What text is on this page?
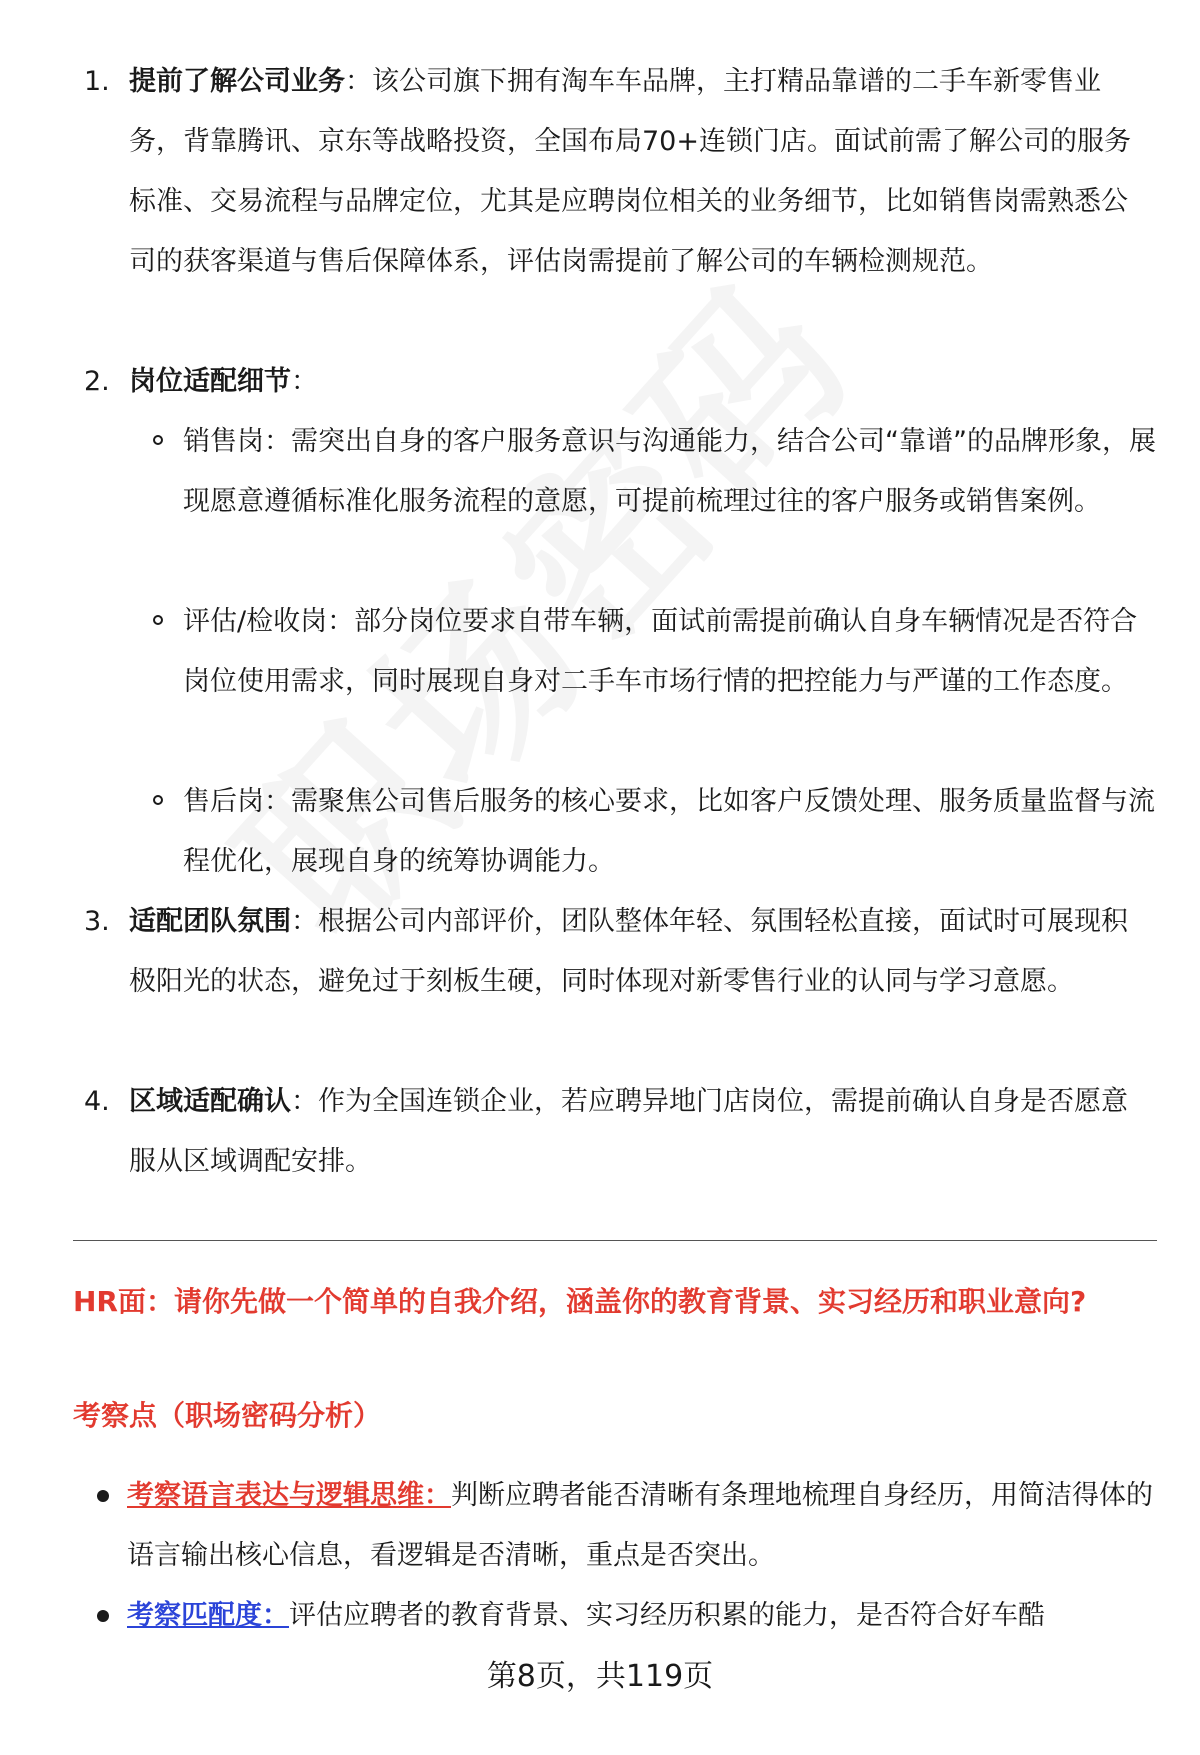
1. 提前了解公司业务：该公司旗下拥有淘车车品牌，主打精品靠谱的二手车新零售业务，背靠腾讯、京东等战略投资，全国布局70+连锁门店。面试前需了解公司的服务标准、交易流程与品牌定位，尤其是应聘岗位相关的业务细节，比如销售岗需熟悉公司的获客渠道与售后保障体系，评估岗需提前了解公司的车辆检测规范。
2. 岗位适配细节：
销售岗：需突出自身的客户服务意识与沟通能力，结合公司“靠谱”的品牌形象，展现愿意遵循标准化服务流程的意愿，可提前梳理过往的客户服务或销售案例。
评估/检收岗：部分岗位要求自带车辆，面试前需提前确认自身车辆情况是否符合岗位使用需求，同时展现自身对二手车市场行情的把控能力与严谨的工作态度。
售后岗：需聚焦公司售后服务的核心要求，比如客户反馈处理、服务质量监督与流程优化，展现自身的统筹协调能力。
3. 适配团队氛围：根据公司内部评价，团队整体年轻、氛围轻松直接，面试时可展现积极阳光的状态，避免过于刻板生硬，同时体现对新零售行业的认同与学习意愿。
4. 区域适配确认：作为全国连锁企业，若应聘异地门店岗位，需提前确认自身是否愿意服从区域调配安排。
HR面：请你先做一个简单的自我介绍，涵盖你的教育背景、实习经历和职业意向?
考察点（职场密码分析）
考察语言表达与逻辑思维：判断应聘者能否清晰有条理地梳理自身经历，用简洁得体的语言输出核心信息，看逻辑是否清晰，重点是否突出。
考察匹配度：评估应聘者的教育背景、实习经历积累的能力，是否符合好车酷
第8页，共119页
